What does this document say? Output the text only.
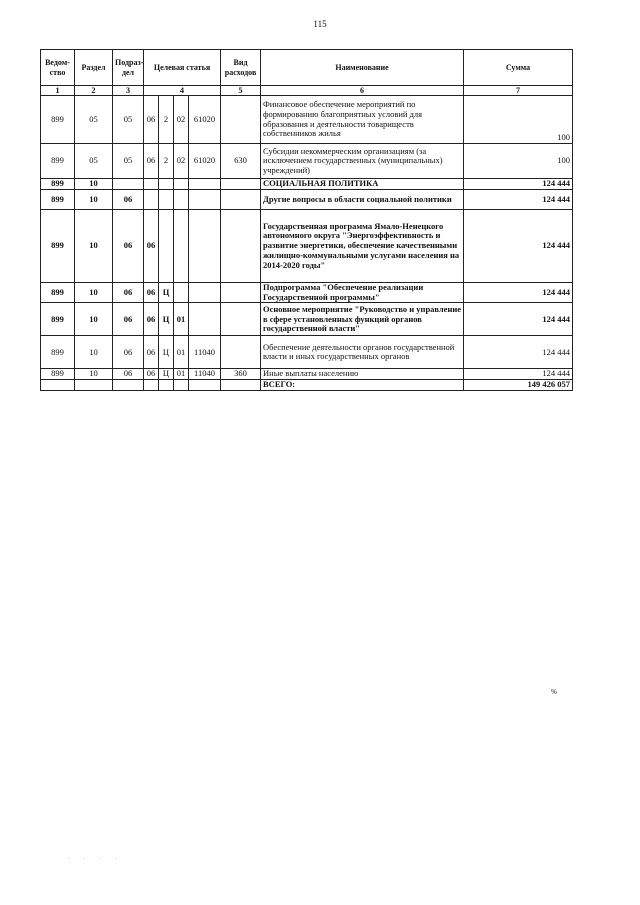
115
Ведом-ство	Раздел	Подраз-дел	Целевая статья				Вид расходов	Наименование	Сумма
1	2	3	4				5	6	7
899	05	05	06	2	02	61020		Финансовое обеспечение мероприятий по формированию благоприятных условий для образования и деятельности товариществ собственников жилья	100
899	05	05	06	2	02	61020	630	Субсидии некоммерческим организациям (за исключением государственных (муниципальных) учреждений)	100
899	10							СОЦИАЛЬНАЯ ПОЛИТИКА	124 444
899	10	06						Другие вопросы в области социальной политики	124 444
899	10	06	06					Государственная программа Ямало-Ненецкого автономного округа "Энергоэффективность и развитие энергетики, обеспечение качественными жилищно-коммунальными услугами населения на 2014-2020 годы"	124 444
899	10	06	06	Ц				Подпрограмма "Обеспечение реализации Государственной программы"	124 444
899	10	06	06	Ц	01			Основное мероприятие "Руководство и управление в сфере установленных функций органов государственной власти"	124 444
899	10	06	06	Ц	01	11040		Обеспечение деятельности органов государственной власти и иных государственных органов	124 444
899	10	06	06	Ц	01	11040	360	Иные выплаты населению	124 444
								ВСЕГО:	149 426 057
%
· · · ·
